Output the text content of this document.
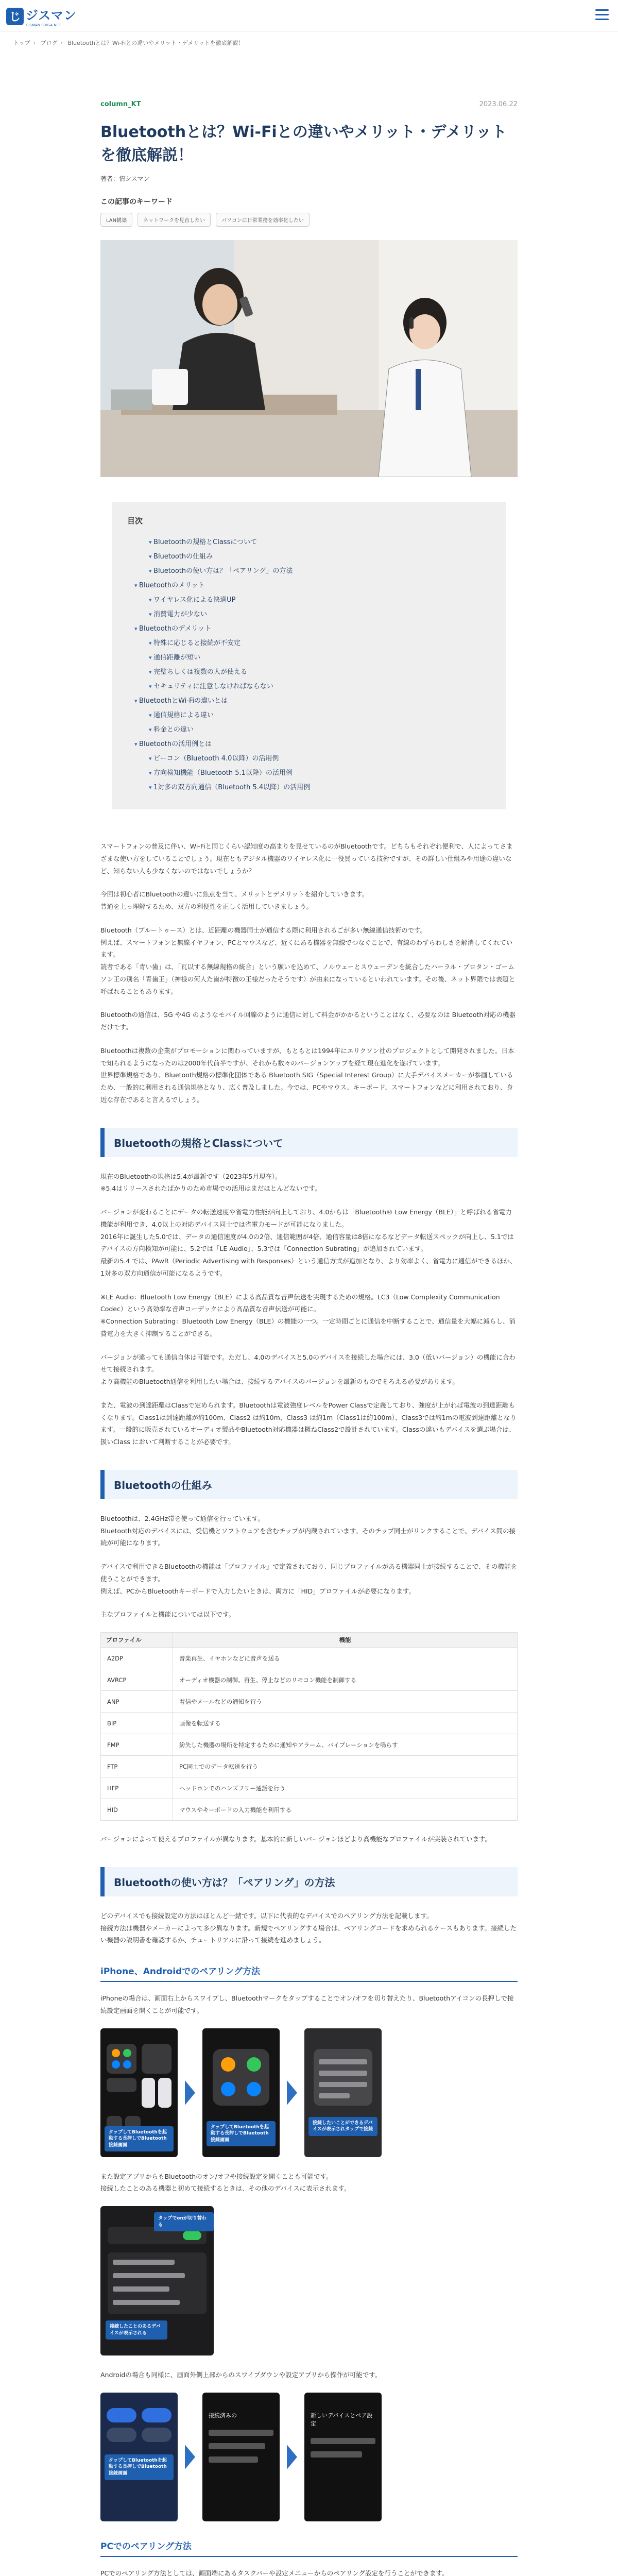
じ ジスマン
GISMAN SHIGA NET
トップ › ブログ › Bluetoothとは？Wi-Fiとの違いやメリット・デメリットを徹底解説！
column_KT	2023.06.22
Bluetoothとは？Wi-Fiとの違いやメリット・デメリットを徹底解説！
著者：情シスマン
この記事のキーワード
LAN構築	ネットワークを見直したい	パソコンに日常業務を効率化したい
目次
▾ Bluetoothの規格とClassについて
▾ Bluetoothの仕組み
▾ Bluetoothの使い方は？「ペアリング」の方法
▾ Bluetoothのメリット
▾ ワイヤレス化による快適UP
▾ 消費電力が少ない
▾ Bluetoothのデメリット
▾ 特殊に応じると接続が不安定
▾ 通信距離が短い
▾ 完璧ちしくは複数の人が使える
▾ セキュリティに注意しなければならない
▾ BluetoothとWi-Fiの違いとは
▾ 通信規格による違い
▾ 料金との違い
▾ Bluetoothの活用例とは
▾ ビーコン（Bluetooth 4.0以降）の活用例
▾ 方向検知機能（Bluetooth 5.1以降）の活用例
▾ 1対多の双方向通信（Bluetooth 5.4以降）の活用例

スマートフォンの普及に伴い、Wi-Fiと同じくらい認知度の高まりを見せているのがBluetoothです。どちらもそれぞれ便利で、人によってさまざまな使い方をしていることでしょう。現在ともデジタル機器のワイヤレス化に一役買っている技術ですが、その詳しい仕組みや用途の違いなど、知らない人も少なくないのではないでしょうか？

今回は初心者にBluetoothの違いに焦点を当て、メリットとデメリットを紹介していきます。
普通を上っ理解するため、双方の利便性を正しく活用していきましょう。

Bluetooth（ブルートゥース）とは、近距離の機器同士が通信する際に利用されるごが多い無線通信技術のです。
例えば、スマートフォンと無線イヤフォン、PCとマウスなど、近くにある機器を無線でつなぐことで、有線のわずらわしさを解消してくれています。
読者である「青い歯」は、「瓦以する無線規格の統合」という願いを込めて、ノルウェーとスウェーデンを統合したハーラル・ブロタン・ゴームソン王の別名「青歯王」（神様の何人た歯が特徴の王様だったそうです）が由来になっているといわれています。その後、ネット界隈では表題と呼ばれることもあります。

Bluetoothの通信は、5G や4G のようなモバイル回線のように通信に対して料金がかかるということはなく、必要なのは Bluetooth対応の機器だけです。

Bluetoothは複数の企業がプロモーションに関わっていますが、もともとは1994年にエリクソン社のプロジェクトとして開発されました。日本で知られるようになったのは2000年代前半ですが、それから数々のバージョンアップを経て現在進化を遂げています。
世界標準規格であり、Bluetooth規格の標準化団体である Bluetooth SIG（Special Interest Group）に大手デバイスメーカーが参画しているため、一般的に利用される通信規格となり、広く普及しました。今では、PCやマウス、キーボード、スマートフォンなどに利用されており、身近な存在であると言えるでしょう。

Bluetoothの規格とClassについて

現在のBluetoothの規格は5.4が最新です（2023年5月現在）。
※5.4はリリースされたばかりのため市場での活用はまだほとんどないです。

バージョンが変わることにデータの転送速度や省電力性能が向上しており、4.0からは「Bluetooth® Low Energy（BLE）」と呼ばれる省電力機能が利用でき、4.0以上の対応デバイス同士では省電力モードが可能になりました。
2016年に誕生した5.0では、データの通信速度が4.0の2倍、通信範囲が4倍、通信容量は8倍になるなどデータ転送スペックが向上し、5.1ではデバイスの方向検知が可能に、5.2では「LE Audio」、5.3では「Connection Subrating」が追加されています。
最新の5.4 では、PAwR（Periodic Advertising with Responses）という通信方式が追加となり、より効率よく、省電力に通信ができるほか、1対多の双方向通信が可能になるようです。

※LE Audio：Bluetooth Low Energy（BLE）による高品質な音声伝送を実現するための規格。LC3（Low Complexity Communication Codec）という高効率な音声コーデックにより高品質な音声伝送が可能に。
※Connection Subrating：Bluetooth Low Energy（BLE）の機能の一つ。一定時間ごとに通信を中断することで、通信量を大幅に減らし、消費電力を大きく抑制することができる。

バージョンが違っても通信自体は可能です。ただし、4.0のデバイスと5.0のデバイスを接続した場合には、3.0（低いバージョン）の機能に合わせて接続されます。
より高機能のBluetooth通信を利用したい場合は、接続するデバイスのバージョンを最新のものでそろえる必要があります。

また、電波の到達距離はClassで定められます。Bluetoothは電波強度レベルをPower Classで定義しており、強度が上がれば電波の到達距離もくなります。Class1は到達距離が約100m、Class2 は約10m、Class3 は約1m（Class1は約100m）、Class3では約1mの電波到達距離となります。一般的に販売されているオーディオ製品やBluetooth対応機器は概ねClass2で設計されています。Classの違いもデバイスを選ぶ場合は、扱いClass において判断することが必要です。

Bluetoothの仕組み

Bluetoothは、2.4GHz帯を使って通信を行っています。
Bluetooth対応のデバイスには、受信機とソフトウェアを含むチップが内蔵されています。そのチップ同士がリンクすることで、デバイス間の接続が可能になります。

デバイスで利用できるBluetoothの機能は「プロファイル」で定義されており、同じプロファイルがある機器同士が接続することで、その機能を使うことができます。
例えば、PCからBluetoothキーボードで入力したいときは、両方に「HID」プロファイルが必要になります。

主なプロファイルと機能については以下です。

プロファイル	機能
A2DP	音楽再生、イヤホンなどに音声を送る
AVRCP	オーディオ機器の制御。再生、停止などのリモコン機能を制御する
ANP	着信やメールなどの通知を行う
BIP	画像を転送する
FMP	紛失した機器の場所を特定するために通知やアラーム、バイブレーションを鳴らす
FTP	PC同士でのデータ転送を行う
HFP	ヘッドホンでのハンズフリー通話を行う
HID	マウスやキーボードの入力機能を利用する

バージョンによって使えるプロファイルが異なります。基本的に新しいバージョンほどより高機能なプロファイルが実装されています。

Bluetoothの使い方は？「ペアリング」の方法

どのデバイスでも接続設定の方法はほとんど一緒です。以下に代表的なデバイスでのペアリング方法を記載します。
接続方法は機器やメーカーによって多少異なります。新規でペアリングする場合は、ペアリングコードを求められるケースもあります。接続したい機器の説明書を確認するか、チュートリアルに沿って接続を進めましょう。

iPhone、Androidでのペアリング方法

iPhoneの場合は、画面右上からスワイプし、Bluetoothマークをタップすることでオン/オフを切り替えたり、Bluetoothアイコンの長押しで接続設定画面を開くことが可能です。

タップしてBluetoothを起動する長押しでBluetooth接続画面
タップしてBluetoothを起動する長押しでBluetooth接続画面
接続したいことができるデバイスが表示されタップで接続

また設定アプリからもBluetoothのオン/オフや接続設定を開くことも可能です。
接続したことのある機器と初めて接続するときは、その他のデバイスに表示されます。

タップでonが切り替わる
接続したことのあるデバイスが表示される

Androidの場合も同様に、画面外側上部からのスワイプダウンや設定アプリから操作が可能です。

タップしてBluetoothを起動する長押しでBluetooth接続画面
接続済みの	新しいデバイスとペア設定
PCでのペアリング方法

PCでのペアリング方法としては、画面端にあるタスクバーや設定メニューからのペアリング設定を行うことができます。
